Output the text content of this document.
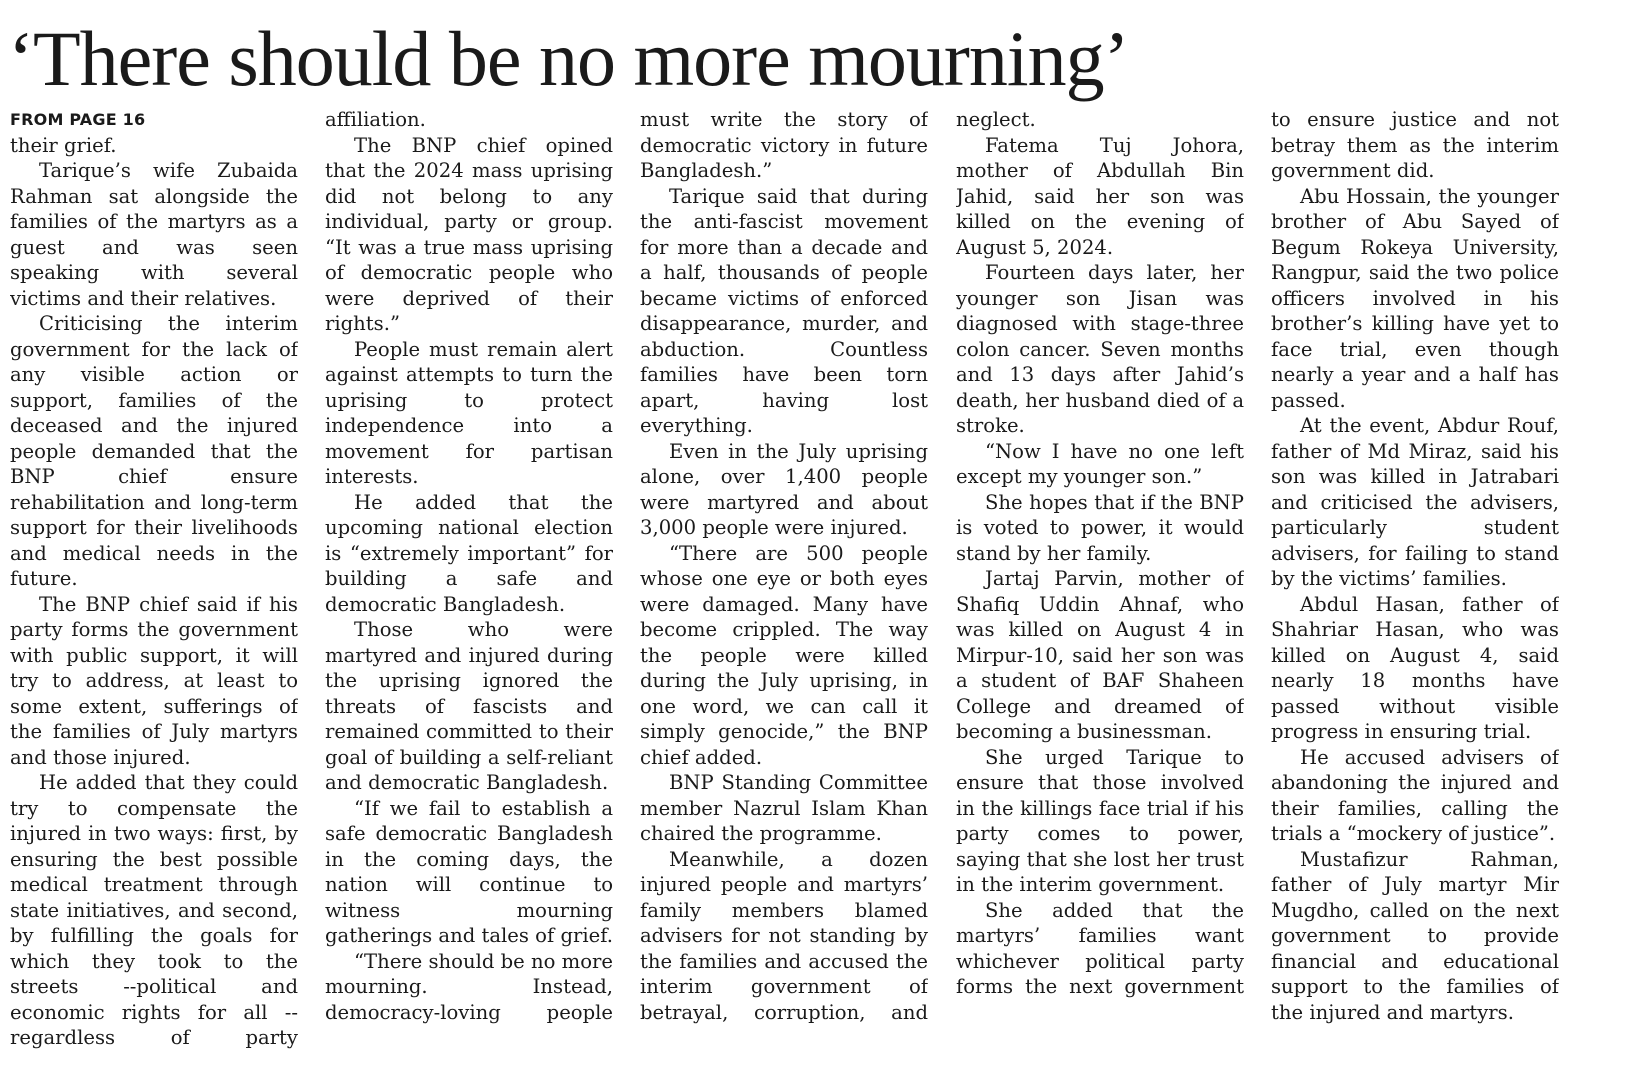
‘There should be no more mourning’
FROM PAGE 16

their grief.

Tarique’s wife Zubaida Rahman sat alongside the families of the martyrs as a guest and was seen speaking with several victims and their relatives.

Criticising the interim government for the lack of any visible action or support, families of the deceased and the injured people demanded that the BNP chief ensure rehabilitation and long-term support for their livelihoods and medical needs in the future.

The BNP chief said if his party forms the government with public support, it will try to address, at least to some extent, sufferings of the families of July martyrs and those injured.

He added that they could try to compensate the injured in two ways: first, by ensuring the best possible medical treatment through state initiatives, and second, by fulfilling the goals for which they took to the streets --political and economic rights for all -- regardless of party

affiliation.

The BNP chief opined that the 2024 mass uprising did not belong to any individual, party or group. “It was a true mass uprising of democratic people who were deprived of their rights.”

People must remain alert against attempts to turn the uprising to protect independence into a movement for partisan interests.

He added that the upcoming national election is “extremely important” for building a safe and democratic Bangladesh.

Those who were martyred and injured during the uprising ignored the threats of fascists and remained committed to their goal of building a self-reliant and democratic Bangladesh.

“If we fail to establish a safe democratic Bangladesh in the coming days, the nation will continue to witness mourning gatherings and tales of grief.

“There should be no more mourning. Instead, democracy-loving people

must write the story of democratic victory in future Bangladesh.”

Tarique said that during the anti-fascist movement for more than a decade and a half, thousands of people became victims of enforced disappearance, murder, and abduction. Countless families have been torn apart, having lost everything.

Even in the July uprising alone, over 1,400 people were martyred and about 3,000 people were injured.

“There are 500 people whose one eye or both eyes were damaged. Many have become crippled. The way the people were killed during the July uprising, in one word, we can call it simply genocide,” the BNP chief added.

BNP Standing Committee member Nazrul Islam Khan chaired the programme.

Meanwhile, a dozen injured people and martyrs’ family members blamed advisers for not standing by the families and accused the interim government of betrayal, corruption, and

neglect.

Fatema Tuj Johora, mother of Abdullah Bin Jahid, said her son was killed on the evening of August 5, 2024.

Fourteen days later, her younger son Jisan was diagnosed with stage-three colon cancer. Seven months and 13 days after Jahid’s death, her husband died of a stroke.

“Now I have no one left except my younger son.”

She hopes that if the BNP is voted to power, it would stand by her family.

Jartaj Parvin, mother of Shafiq Uddin Ahnaf, who was killed on August 4 in Mirpur-10, said her son was a student of BAF Shaheen College and dreamed of becoming a businessman.

She urged Tarique to ensure that those involved in the killings face trial if his party comes to power, saying that she lost her trust in the interim government.

She added that the martyrs’ families want whichever political party forms the next government

to ensure justice and not betray them as the interim government did.

Abu Hossain, the younger brother of Abu Sayed of Begum Rokeya University, Rangpur, said the two police officers involved in his brother’s killing have yet to face trial, even though nearly a year and a half has passed.

At the event, Abdur Rouf, father of Md Miraz, said his son was killed in Jatrabari and criticised the advisers, particularly student advisers, for failing to stand by the victims’ families.

Abdul Hasan, father of Shahriar Hasan, who was killed on August 4, said nearly 18 months have passed without visible progress in ensuring trial.

He accused advisers of abandoning the injured and their families, calling the trials a “mockery of justice”.

Mustafizur Rahman, father of July martyr Mir Mugdho, called on the next government to provide financial and educational support to the families of the injured and martyrs.
